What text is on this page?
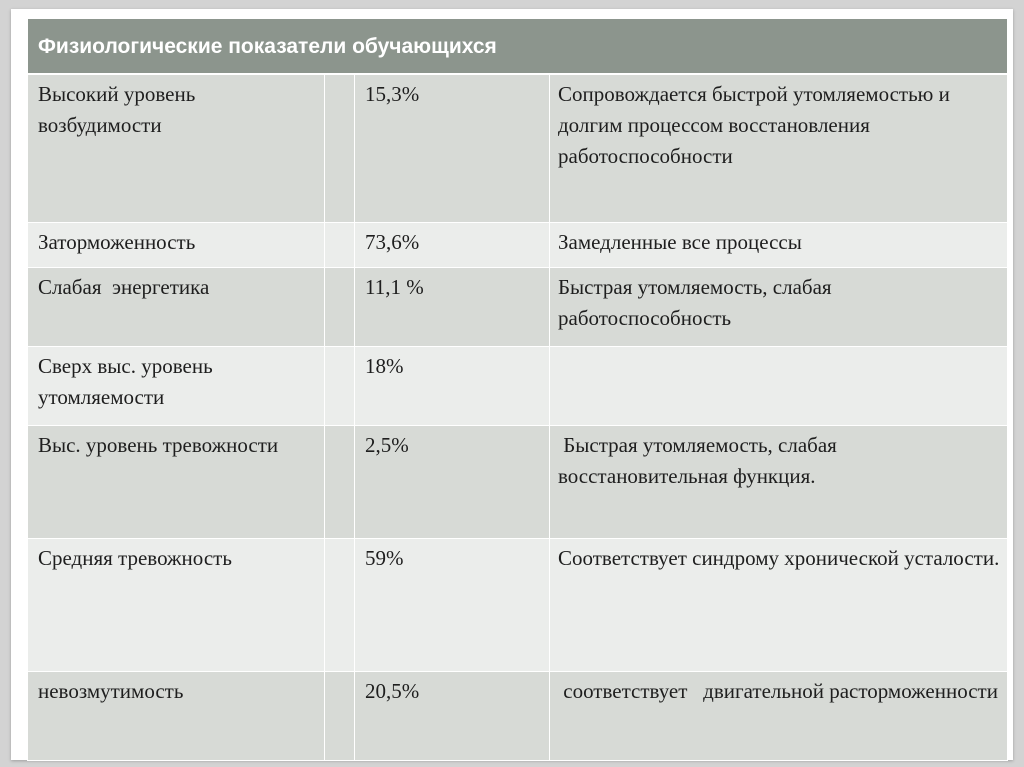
Физиологические показатели обучающихся			

Высокий уровень возбудимости		15,3%	Сопровождается быстрой утомляемостью и долгим процессом восстановления работоспособности

Заторможенность		73,6%	Замедленные все процессы

Слабая  энергетика		11,1 %	Быстрая утомляемость, слабая работоспособность

Сверх выс. уровень утомляемости		18%	

Выс. уровень тревожности		2,5%	Быстрая утомляемость, слабая восстановительная функция.

Средняя тревожность		59%	Соответствует синдрому хронической усталости.

невозмутимость		20,5%	соответствует   двигательной расторможенности
